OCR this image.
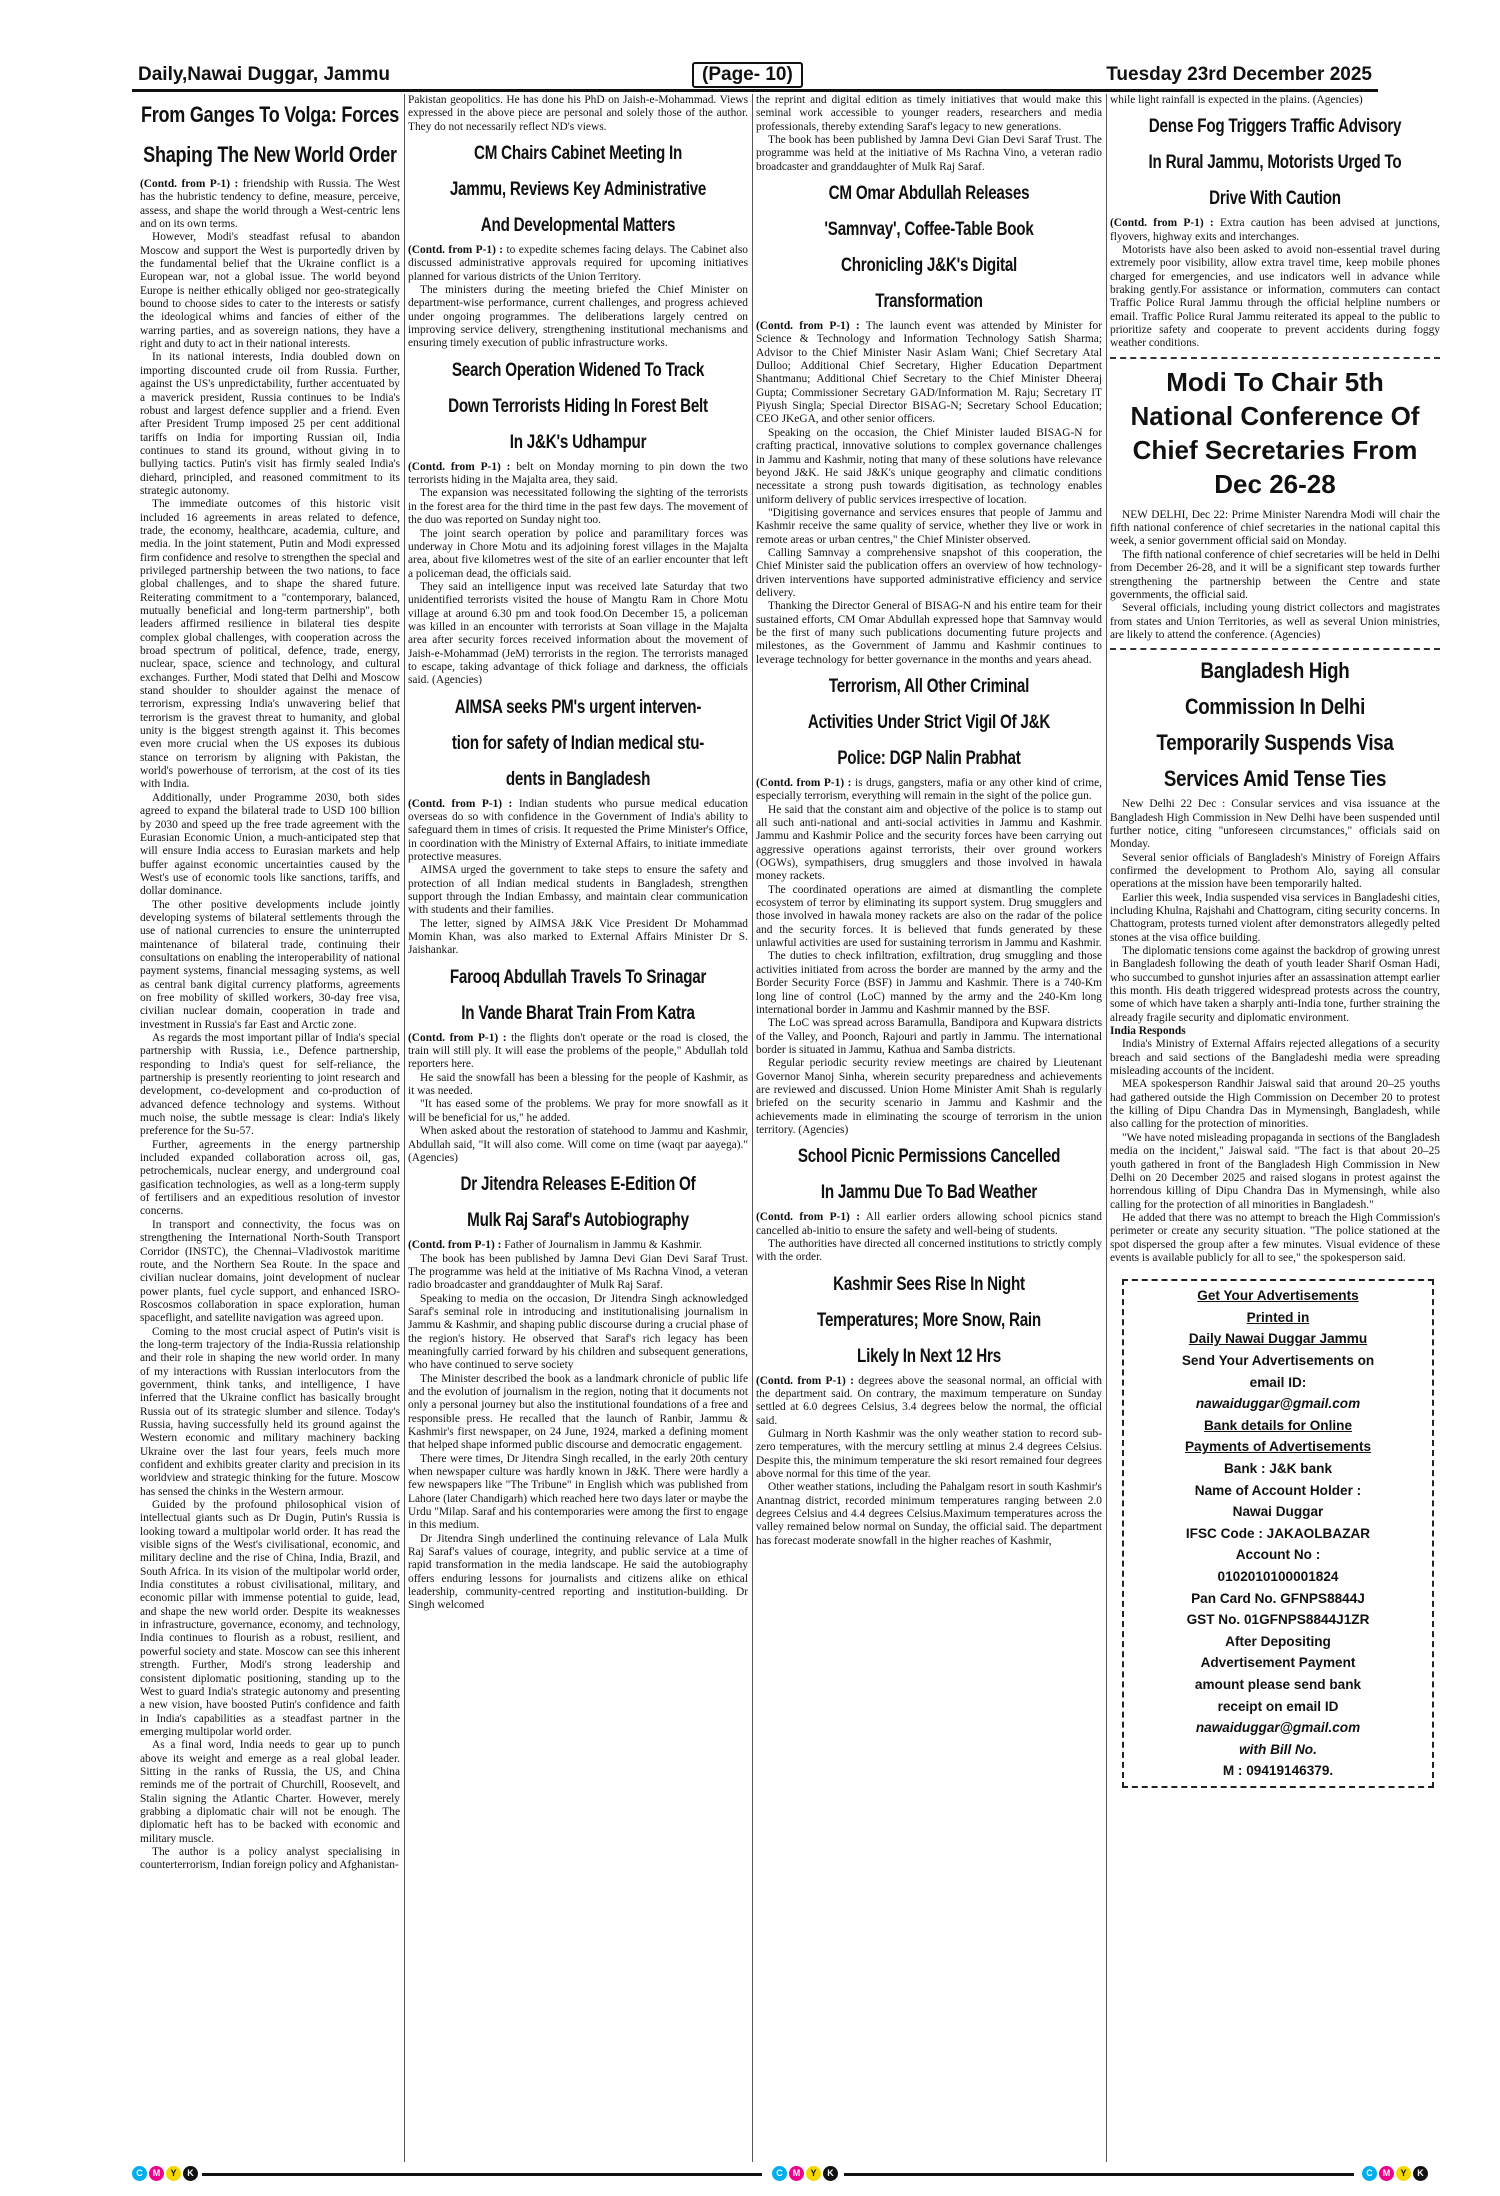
Daily,Nawai Duggar, Jammu	(Page- 10)	Tuesday 23rd December 2025
From Ganges To Volga: Forces
Shaping The New World Order

(Contd. from P-1) : friendship with Russia. The West has the hubristic tendency to define, measure, perceive, assess, and shape the world through a West-centric lens and on its own terms.

However, Modi's steadfast refusal to abandon Moscow and support the West is purportedly driven by the fundamental belief that the Ukraine conflict is a European war, not a global issue. The world beyond Europe is neither ethically obliged nor geo-strategically bound to choose sides to cater to the interests or satisfy the ideological whims and fancies of either of the warring parties, and as sovereign nations, they have a right and duty to act in their national interests.

In its national interests, India doubled down on importing discounted crude oil from Russia. Further, against the US's unpredictability, further accentuated by a maverick president, Russia continues to be India's robust and largest defence supplier and a friend. Even after President Trump imposed 25 per cent additional tariffs on India for importing Russian oil, India continues to stand its ground, without giving in to bullying tactics. Putin's visit has firmly sealed India's diehard, principled, and reasoned commitment to its strategic autonomy.

The immediate outcomes of this historic visit included 16 agreements in areas related to defence, trade, the economy, healthcare, academia, culture, and media. In the joint statement, Putin and Modi expressed firm confidence and resolve to strengthen the special and privileged partnership between the two nations, to face global challenges, and to shape the shared future. Reiterating commitment to a "contemporary, balanced, mutually beneficial and long-term partnership", both leaders affirmed resilience in bilateral ties despite complex global challenges, with cooperation across the broad spectrum of political, defence, trade, energy, nuclear, space, science and technology, and cultural exchanges. Further, Modi stated that Delhi and Moscow stand shoulder to shoulder against the menace of terrorism, expressing India's unwavering belief that terrorism is the gravest threat to humanity, and global unity is the biggest strength against it. This becomes even more crucial when the US exposes its dubious stance on terrorism by aligning with Pakistan, the world's powerhouse of terrorism, at the cost of its ties with India.

Additionally, under Programme 2030, both sides agreed to expand the bilateral trade to USD 100 billion by 2030 and speed up the free trade agreement with the Eurasian Economic Union, a much-anticipated step that will ensure India access to Eurasian markets and help buffer against economic uncertainties caused by the West's use of economic tools like sanctions, tariffs, and dollar dominance.

The other positive developments include jointly developing systems of bilateral settlements through the use of national currencies to ensure the uninterrupted maintenance of bilateral trade, continuing their consultations on enabling the interoperability of national payment systems, financial messaging systems, as well as central bank digital currency platforms, agreements on free mobility of skilled workers, 30-day free visa, civilian nuclear domain, cooperation in trade and investment in Russia's far East and Arctic zone.

As regards the most important pillar of India's special partnership with Russia, i.e., Defence partnership, responding to India's quest for self-reliance, the partnership is presently reorienting to joint research and development, co-development and co-production of advanced defence technology and systems. Without much noise, the subtle message is clear: India's likely preference for the Su-57.

Further, agreements in the energy partnership included expanded collaboration across oil, gas, petrochemicals, nuclear energy, and underground coal gasification technologies, as well as a long-term supply of fertilisers and an expeditious resolution of investor concerns.

In transport and connectivity, the focus was on strengthening the International North-South Transport Corridor (INSTC), the Chennai–Vladivostok maritime route, and the Northern Sea Route. In the space and civilian nuclear domains, joint development of nuclear power plants, fuel cycle support, and enhanced ISRO-Roscosmos collaboration in space exploration, human spaceflight, and satellite navigation was agreed upon.

Coming to the most crucial aspect of Putin's visit is the long-term trajectory of the India-Russia relationship and their role in shaping the new world order. In many of my interactions with Russian interlocutors from the government, think tanks, and intelligence, I have inferred that the Ukraine conflict has basically brought Russia out of its strategic slumber and silence. Today's Russia, having successfully held its ground against the Western economic and military machinery backing Ukraine over the last four years, feels much more confident and exhibits greater clarity and precision in its worldview and strategic thinking for the future. Moscow has sensed the chinks in the Western armour.

Guided by the profound philosophical vision of intellectual giants such as Dr Dugin, Putin's Russia is looking toward a multipolar world order. It has read the visible signs of the West's civilisational, economic, and military decline and the rise of China, India, Brazil, and South Africa. In its vision of the multipolar world order, India constitutes a robust civilisational, military, and economic pillar with immense potential to guide, lead, and shape the new world order. Despite its weaknesses in infrastructure, governance, economy, and technology, India continues to flourish as a robust, resilient, and powerful society and state. Moscow can see this inherent strength. Further, Modi's strong leadership and consistent diplomatic positioning, standing up to the West to guard India's strategic autonomy and presenting a new vision, have boosted Putin's confidence and faith in India's capabilities as a steadfast partner in the emerging multipolar world order.

As a final word, India needs to gear up to punch above its weight and emerge as a real global leader. Sitting in the ranks of Russia, the US, and China reminds me of the portrait of Churchill, Roosevelt, and Stalin signing the Atlantic Charter. However, merely grabbing a diplomatic chair will not be enough. The diplomatic heft has to be backed with economic and military muscle.

The author is a policy analyst specialising in counterterrorism, Indian foreign policy and Afghanistan-

Pakistan geopolitics. He has done his PhD on Jaish-e-Mohammad. Views expressed in the above piece are personal and solely those of the author. They do not necessarily reflect ND's views.

CM Chairs Cabinet Meeting In
Jammu, Reviews Key Administrative
And Developmental Matters

(Contd. from P-1) : to expedite schemes facing delays. The Cabinet also discussed administrative approvals required for upcoming initiatives planned for various districts of the Union Territory.

The ministers during the meeting briefed the Chief Minister on department-wise performance, current challenges, and progress achieved under ongoing programmes. The deliberations largely centred on improving service delivery, strengthening institutional mechanisms and ensuring timely execution of public infrastructure works.

Search Operation Widened To Track
Down Terrorists Hiding In Forest Belt
In J&K's Udhampur

(Contd. from P-1) : belt on Monday morning to pin down the two terrorists hiding in the Majalta area, they said.

The expansion was necessitated following the sighting of the terrorists in the forest area for the third time in the past few days. The movement of the duo was reported on Sunday night too.

The joint search operation by police and paramilitary forces was underway in Chore Motu and its adjoining forest villages in the Majalta area, about five kilometres west of the site of an earlier encounter that left a policeman dead, the officials said.

They said an intelligence input was received late Saturday that two unidentified terrorists visited the house of Mangtu Ram in Chore Motu village at around 6.30 pm and took food.On December 15, a policeman was killed in an encounter with terrorists at Soan village in the Majalta area after security forces received information about the movement of Jaish-e-Mohammad (JeM) terrorists in the region. The terrorists managed to escape, taking advantage of thick foliage and darkness, the officials said. (Agencies)

AIMSA seeks PM's urgent interven-
tion for safety of Indian medical stu-
dents in Bangladesh

(Contd. from P-1) : Indian students who pursue medical education overseas do so with confidence in the Government of India's ability to safeguard them in times of crisis. It requested the Prime Minister's Office, in coordination with the Ministry of External Affairs, to initiate immediate protective measures.

AIMSA urged the government to take steps to ensure the safety and protection of all Indian medical students in Bangladesh, strengthen support through the Indian Embassy, and maintain clear communication with students and their families.

The letter, signed by AIMSA J&K Vice President Dr Mohammad Momin Khan, was also marked to External Affairs Minister Dr S. Jaishankar.

Farooq Abdullah Travels To Srinagar
In Vande Bharat Train From Katra

(Contd. from P-1) : the flights don't operate or the road is closed, the train will still ply. It will ease the problems of the people," Abdullah told reporters here.

He said the snowfall has been a blessing for the people of Kashmir, as it was needed.

"It has eased some of the problems. We pray for more snowfall as it will be beneficial for us," he added.

When asked about the restoration of statehood to Jammu and Kashmir, Abdullah said, "It will also come. Will come on time (waqt par aayega)." (Agencies)

Dr Jitendra Releases E-Edition Of
Mulk Raj Saraf's Autobiography

(Contd. from P-1) : Father of Journalism in Jammu & Kashmir.

The book has been published by Jamna Devi Gian Devi Saraf Trust. The programme was held at the initiative of Ms Rachna Vinod, a veteran radio broadcaster and granddaughter of Mulk Raj Saraf.

Speaking to media on the occasion, Dr Jitendra Singh acknowledged Saraf's seminal role in introducing and institutionalising journalism in Jammu & Kashmir, and shaping public discourse during a crucial phase of the region's history. He observed that Saraf's rich legacy has been meaningfully carried forward by his children and subsequent generations, who have continued to serve society

The Minister described the book as a landmark chronicle of public life and the evolution of journalism in the region, noting that it documents not only a personal journey but also the institutional foundations of a free and responsible press. He recalled that the launch of Ranbir, Jammu & Kashmir's first newspaper, on 24 June, 1924, marked a defining moment that helped shape informed public discourse and democratic engagement.

There were times, Dr Jitendra Singh recalled, in the early 20th century when newspaper culture was hardly known in J&K. There were hardly a few newspapers like "The Tribune" in English which was published from Lahore (later Chandigarh) which reached here two days later or maybe the Urdu "Milap. Saraf and his contemporaries were among the first to engage in this medium.

Dr Jitendra Singh underlined the continuing relevance of Lala Mulk Raj Saraf's values of courage, integrity, and public service at a time of rapid transformation in the media landscape. He said the autobiography offers enduring lessons for journalists and citizens alike on ethical leadership, community-centred reporting and institution-building. Dr Singh welcomed

the reprint and digital edition as timely initiatives that would make this seminal work accessible to younger readers, researchers and media professionals, thereby extending Saraf's legacy to new generations.

The book has been published by Jamna Devi Gian Devi Saraf Trust. The programme was held at the initiative of Ms Rachna Vino, a veteran radio broadcaster and granddaughter of Mulk Raj Saraf.

CM Omar Abdullah Releases
'Samnvay', Coffee-Table Book
Chronicling J&K's Digital
Transformation

(Contd. from P-1) : The launch event was attended by Minister for Science & Technology and Information Technology Satish Sharma; Advisor to the Chief Minister Nasir Aslam Wani; Chief Secretary Atal Dulloo; Additional Chief Secretary, Higher Education Department Shantmanu; Additional Chief Secretary to the Chief Minister Dheeraj Gupta; Commissioner Secretary GAD/Information M. Raju; Secretary IT Piyush Singla; Special Director BISAG-N; Secretary School Education; CEO JKeGA, and other senior officers.

Speaking on the occasion, the Chief Minister lauded BISAG-N for crafting practical, innovative solutions to complex governance challenges in Jammu and Kashmir, noting that many of these solutions have relevance beyond J&K. He said J&K's unique geography and climatic conditions necessitate a strong push towards digitisation, as technology enables uniform delivery of public services irrespective of location.

"Digitising governance and services ensures that people of Jammu and Kashmir receive the same quality of service, whether they live or work in remote areas or urban centres," the Chief Minister observed.

Calling Samnvay a comprehensive snapshot of this cooperation, the Chief Minister said the publication offers an overview of how technology-driven interventions have supported administrative efficiency and service delivery.

Thanking the Director General of BISAG-N and his entire team for their sustained efforts, CM Omar Abdullah expressed hope that Samnvay would be the first of many such publications documenting future projects and milestones, as the Government of Jammu and Kashmir continues to leverage technology for better governance in the months and years ahead.

Terrorism, All Other Criminal
Activities Under Strict Vigil Of J&K
Police: DGP Nalin Prabhat

(Contd. from P-1) : is drugs, gangsters, mafia or any other kind of crime, especially terrorism, everything will remain in the sight of the police gun.

He said that the constant aim and objective of the police is to stamp out all such anti-national and anti-social activities in Jammu and Kashmir. Jammu and Kashmir Police and the security forces have been carrying out aggressive operations against terrorists, their over ground workers (OGWs), sympathisers, drug smugglers and those involved in hawala money rackets.

The coordinated operations are aimed at dismantling the complete ecosystem of terror by eliminating its support system. Drug smugglers and those involved in hawala money rackets are also on the radar of the police and the security forces. It is believed that funds generated by these unlawful activities are used for sustaining terrorism in Jammu and Kashmir.

The duties to check infiltration, exfiltration, drug smuggling and those activities initiated from across the border are manned by the army and the Border Security Force (BSF) in Jammu and Kashmir. There is a 740-Km long line of control (LoC) manned by the army and the 240-Km long international border in Jammu and Kashmir manned by the BSF.

The LoC was spread across Baramulla, Bandipora and Kupwara districts of the Valley, and Poonch, Rajouri and partly in Jammu. The international border is situated in Jammu, Kathua and Samba districts.

Regular periodic security review meetings are chaired by Lieutenant Governor Manoj Sinha, wherein security preparedness and achievements are reviewed and discussed. Union Home Minister Amit Shah is regularly briefed on the security scenario in Jammu and Kashmir and the achievements made in eliminating the scourge of terrorism in the union territory. (Agencies)

School Picnic Permissions Cancelled
In Jammu Due To Bad Weather

(Contd. from P-1) : All earlier orders allowing school picnics stand cancelled ab-initio to ensure the safety and well-being of students.

The authorities have directed all concerned institutions to strictly comply with the order.

Kashmir Sees Rise In Night
Temperatures; More Snow, Rain
Likely In Next 12 Hrs

(Contd. from P-1) : degrees above the seasonal normal, an official with the department said. On contrary, the maximum temperature on Sunday settled at 6.0 degrees Celsius, 3.4 degrees below the normal, the official said.

Gulmarg in North Kashmir was the only weather station to record sub-zero temperatures, with the mercury settling at minus 2.4 degrees Celsius. Despite this, the minimum temperature the ski resort remained four degrees above normal for this time of the year.

Other weather stations, including the Pahalgam resort in south Kashmir's Anantnag district, recorded minimum temperatures ranging between 2.0 degrees Celsius and 4.4 degrees Celsius.Maximum temperatures across the valley remained below normal on Sunday, the official said. The department has forecast moderate snowfall in the higher reaches of Kashmir,

while light rainfall is expected in the plains. (Agencies)

Dense Fog Triggers Traffic Advisory
In Rural Jammu, Motorists Urged To
Drive With Caution

(Contd. from P-1) : Extra caution has been advised at junctions, flyovers, highway exits and interchanges.

Motorists have also been asked to avoid non-essential travel during extremely poor visibility, allow extra travel time, keep mobile phones charged for emergencies, and use indicators well in advance while braking gently.For assistance or information, commuters can contact Traffic Police Rural Jammu through the official helpline numbers or email. Traffic Police Rural Jammu reiterated its appeal to the public to prioritize safety and cooperate to prevent accidents during foggy weather conditions.

Modi To Chair 5th
National Conference Of
Chief Secretaries From
Dec 26-28

NEW DELHI, Dec 22: Prime Minister Narendra Modi will chair the fifth national conference of chief secretaries in the national capital this week, a senior government official said on Monday.

The fifth national conference of chief secretaries will be held in Delhi from December 26-28, and it will be a significant step towards further strengthening the partnership between the Centre and state governments, the official said.

Several officials, including young district collectors and magistrates from states and Union Territories, as well as several Union ministries, are likely to attend the conference. (Agencies)

Bangladesh High
Commission In Delhi
Temporarily Suspends Visa
Services Amid Tense Ties

New Delhi 22 Dec : Consular services and visa issuance at the Bangladesh High Commission in New Delhi have been suspended until further notice, citing "unforeseen circumstances," officials said on Monday.

Several senior officials of Bangladesh's Ministry of Foreign Affairs confirmed the development to Prothom Alo, saying all consular operations at the mission have been temporarily halted.

Earlier this week, India suspended visa services in Bangladeshi cities, including Khulna, Rajshahi and Chattogram, citing security concerns. In Chattogram, protests turned violent after demonstrators allegedly pelted stones at the visa office building.

The diplomatic tensions come against the backdrop of growing unrest in Bangladesh following the death of youth leader Sharif Osman Hadi, who succumbed to gunshot injuries after an assassination attempt earlier this month. His death triggered widespread protests across the country, some of which have taken a sharply anti-India tone, further straining the already fragile security and diplomatic environment.

India Responds

India's Ministry of External Affairs rejected allegations of a security breach and said sections of the Bangladeshi media were spreading misleading accounts of the incident.

MEA spokesperson Randhir Jaiswal said that around 20–25 youths had gathered outside the High Commission on December 20 to protest the killing of Dipu Chandra Das in Mymensingh, Bangladesh, while also calling for the protection of minorities.

"We have noted misleading propaganda in sections of the Bangladesh media on the incident," Jaiswal said. "The fact is that about 20–25 youth gathered in front of the Bangladesh High Commission in New Delhi on 20 December 2025 and raised slogans in protest against the horrendous killing of Dipu Chandra Das in Mymensingh, while also calling for the protection of all minorities in Bangladesh."

He added that there was no attempt to breach the High Commission's perimeter or create any security situation. "The police stationed at the spot dispersed the group after a few minutes. Visual evidence of these events is available publicly for all to see," the spokesperson said.

Get Your Advertisements
Printed in
Daily Nawai Duggar Jammu
Send Your Advertisements on
email ID:
nawaiduggar@gmail.com
Bank details for Online
Payments of Advertisements
Bank : J&K bank
Name of Account Holder :
Nawai Duggar
IFSC Code : JAKAOLBAZAR
Account No :
0102010100001824
Pan Card No. GFNPS8844J
GST No. 01GFNPS8844J1ZR
After Depositing
Advertisement Payment
amount please send bank
receipt on email ID
nawaiduggar@gmail.com
with Bill No.
M : 09419146379.
C	M	Y	K	C	M	Y	K	C	M	Y	K
